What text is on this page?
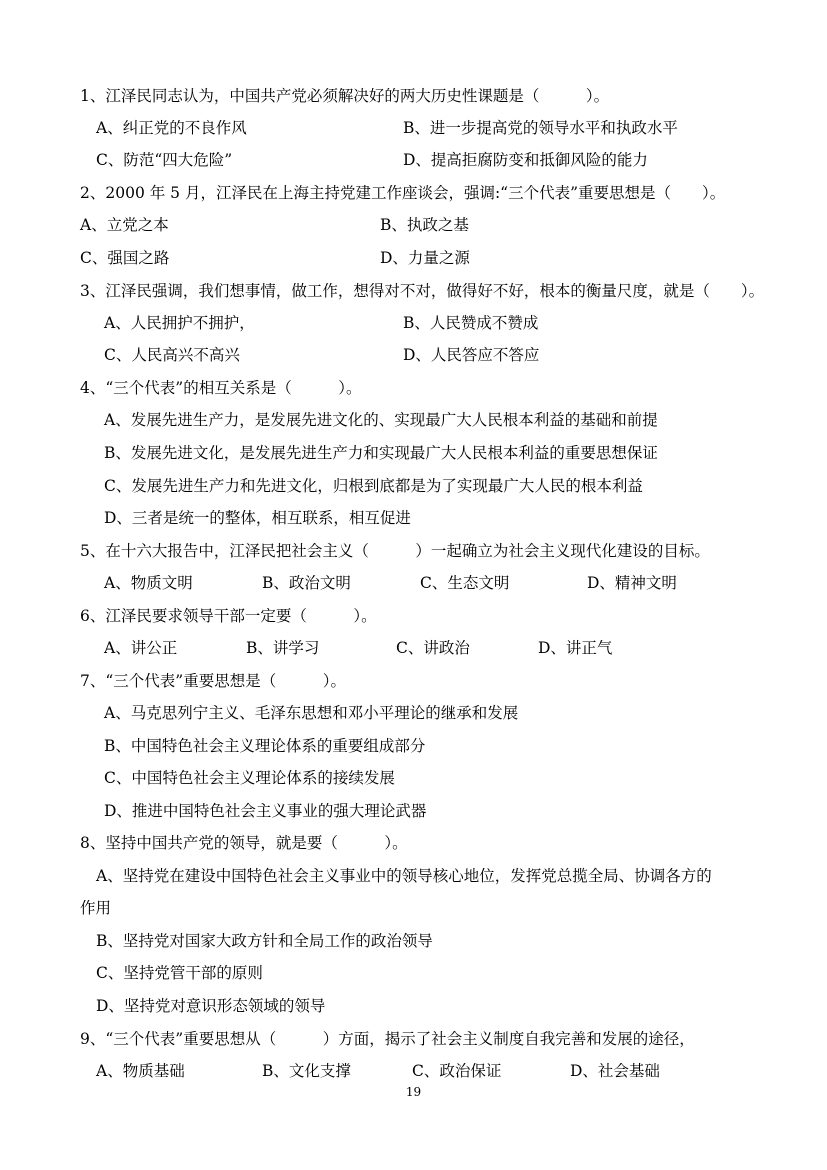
1、江泽民同志认为，中国共产党必须解决好的两大历史性课题是（　　　）。
A、纠正党的不良作风	B、进一步提高党的领导水平和执政水平
C、防范“四大危险”	D、提高拒腐防变和抵御风险的能力
2、2000 年 5 月，江泽民在上海主持党建工作座谈会，强调:“三个代表”重要思想是（　　）。
A、立党之本	B、执政之基
C、强国之路	D、力量之源
3、江泽民强调，我们想事情，做工作，想得对不对，做得好不好，根本的衡量尺度，就是（　　）。
A、人民拥护不拥护，	B、人民赞成不赞成
C、人民高兴不高兴	D、人民答应不答应
4、“三个代表”的相互关系是（　　　）。
A、发展先进生产力，是发展先进文化的、实现最广大人民根本利益的基础和前提
B、发展先进文化，是发展先进生产力和实现最广大人民根本利益的重要思想保证
C、发展先进生产力和先进文化，归根到底都是为了实现最广大人民的根本利益
D、三者是统一的整体，相互联系，相互促进
5、在十六大报告中，江泽民把社会主义（　　　）一起确立为社会主义现代化建设的目标。
A、物质文明	B、政治文明	C、生态文明	D、精神文明
6、江泽民要求领导干部一定要（　　　）。
A、讲公正	B、讲学习	C、讲政治	D、讲正气
7、“三个代表”重要思想是（　　　）。
A、马克思列宁主义、毛泽东思想和邓小平理论的继承和发展
B、中国特色社会主义理论体系的重要组成部分
C、中国特色社会主义理论体系的接续发展
D、推进中国特色社会主义事业的强大理论武器
8、坚持中国共产党的领导，就是要（　　　）。
A、坚持党在建设中国特色社会主义事业中的领导核心地位，发挥党总揽全局、协调各方的
作用
B、坚持党对国家大政方针和全局工作的政治领导
C、坚持党管干部的原则
D、坚持党对意识形态领域的领导
9、“三个代表”重要思想从（　　　）方面，揭示了社会主义制度自我完善和发展的途径，
A、物质基础	B、文化支撑	C、政治保证	D、社会基础
19
